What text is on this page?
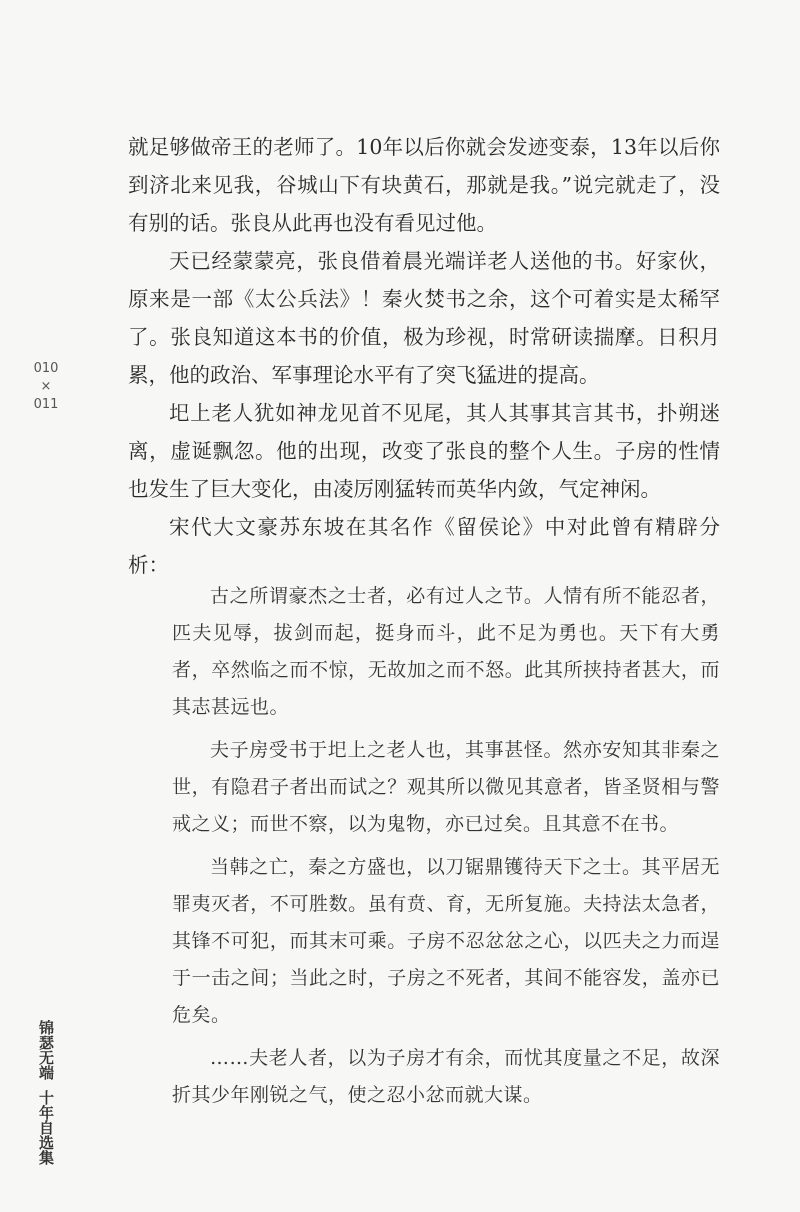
010
×
011

就足够做帝王的老师了。10年以后你就会发迹变泰，13年以后你到济北来见我，谷城山下有块黄石，那就是我。”说完就走了，没有别的话。张良从此再也没有看见过他。

天已经蒙蒙亮，张良借着晨光端详老人送他的书。好家伙，原来是一部《太公兵法》！秦火焚书之余，这个可着实是太稀罕了。张良知道这本书的价值，极为珍视，时常研读揣摩。日积月累，他的政治、军事理论水平有了突飞猛进的提高。

圯上老人犹如神龙见首不见尾，其人其事其言其书，扑朔迷离，虚诞飘忽。他的出现，改变了张良的整个人生。子房的性情也发生了巨大变化，由凌厉刚猛转而英华内敛，气定神闲。

宋代大文豪苏东坡在其名作《留侯论》中对此曾有精辟分析：

古之所谓豪杰之士者，必有过人之节。人情有所不能忍者，匹夫见辱，拔剑而起，挺身而斗，此不足为勇也。天下有大勇者，卒然临之而不惊，无故加之而不怒。此其所挟持者甚大，而其志甚远也。

夫子房受书于圯上之老人也，其事甚怪。然亦安知其非秦之世，有隐君子者出而试之？观其所以微见其意者，皆圣贤相与警戒之义；而世不察，以为鬼物，亦已过矣。且其意不在书。

当韩之亡，秦之方盛也，以刀锯鼎镬待天下之士。其平居无罪夷灭者，不可胜数。虽有贲、育，无所复施。夫持法太急者，其锋不可犯，而其末可乘。子房不忍忿忿之心，以匹夫之力而逞于一击之间；当此之时，子房之不死者，其间不能容发，盖亦已危矣。

……夫老人者，以为子房才有余，而忧其度量之不足，故深折其少年刚锐之气，使之忍小忿而就大谋。

锦瑟无端十年自选集
